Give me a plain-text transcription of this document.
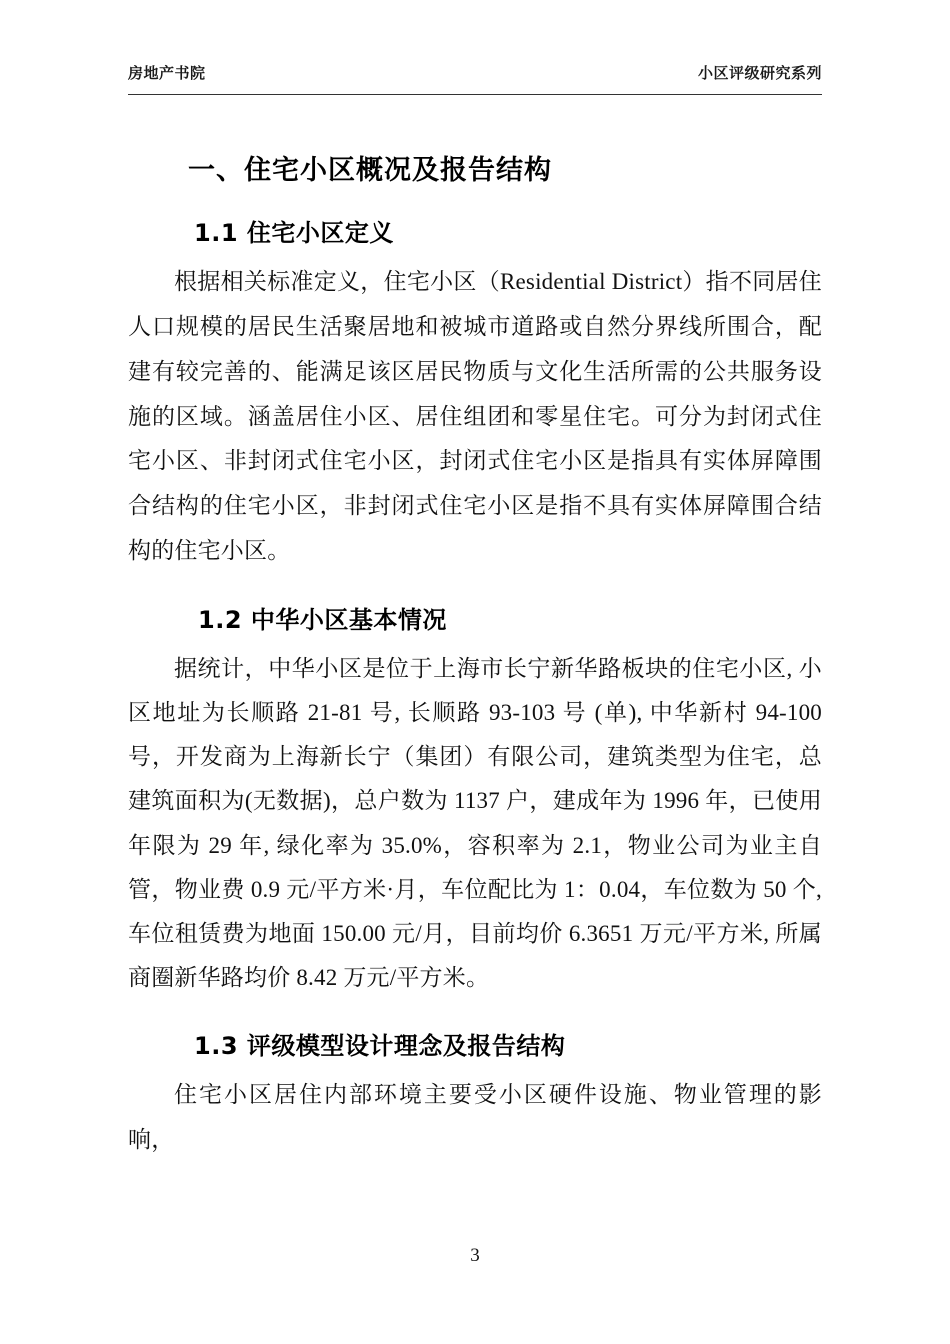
房地产书院	小区评级研究系列
一、住宅小区概况及报告结构
1.1 住宅小区定义

根据相关标准定义，住宅小区（Residential District）指不同居住人口规模的居民生活聚居地和被城市道路或自然分界线所围合，配建有较完善的、能满足该区居民物质与文化生活所需的公共服务设施的区域。涵盖居住小区、居住组团和零星住宅。可分为封闭式住宅小区、非封闭式住宅小区，封闭式住宅小区是指具有实体屏障围合结构的住宅小区，非封闭式住宅小区是指不具有实体屏障围合结构的住宅小区。

1.2 中华小区基本情况

据统计，中华小区是位于上海市长宁新华路板块的住宅小区, 小区地址为长顺路 21-81 号, 长顺路 93-103 号 (单), 中华新村 94-100 号，开发商为上海新长宁（集团）有限公司，建筑类型为住宅，总建筑面积为(无数据)，总户数为 1137 户，建成年为 1996 年，已使用年限为 29 年, 绿化率为 35.0%，容积率为 2.1，物业公司为业主自管，物业费 0.9 元/平方米·月，车位配比为 1：0.04，车位数为 50 个, 车位租赁费为地面 150.00 元/月，目前均价 6.3651 万元/平方米, 所属商圈新华路均价 8.42 万元/平方米。

1.3 评级模型设计理念及报告结构

住宅小区居住内部环境主要受小区硬件设施、物业管理的影响，

3
